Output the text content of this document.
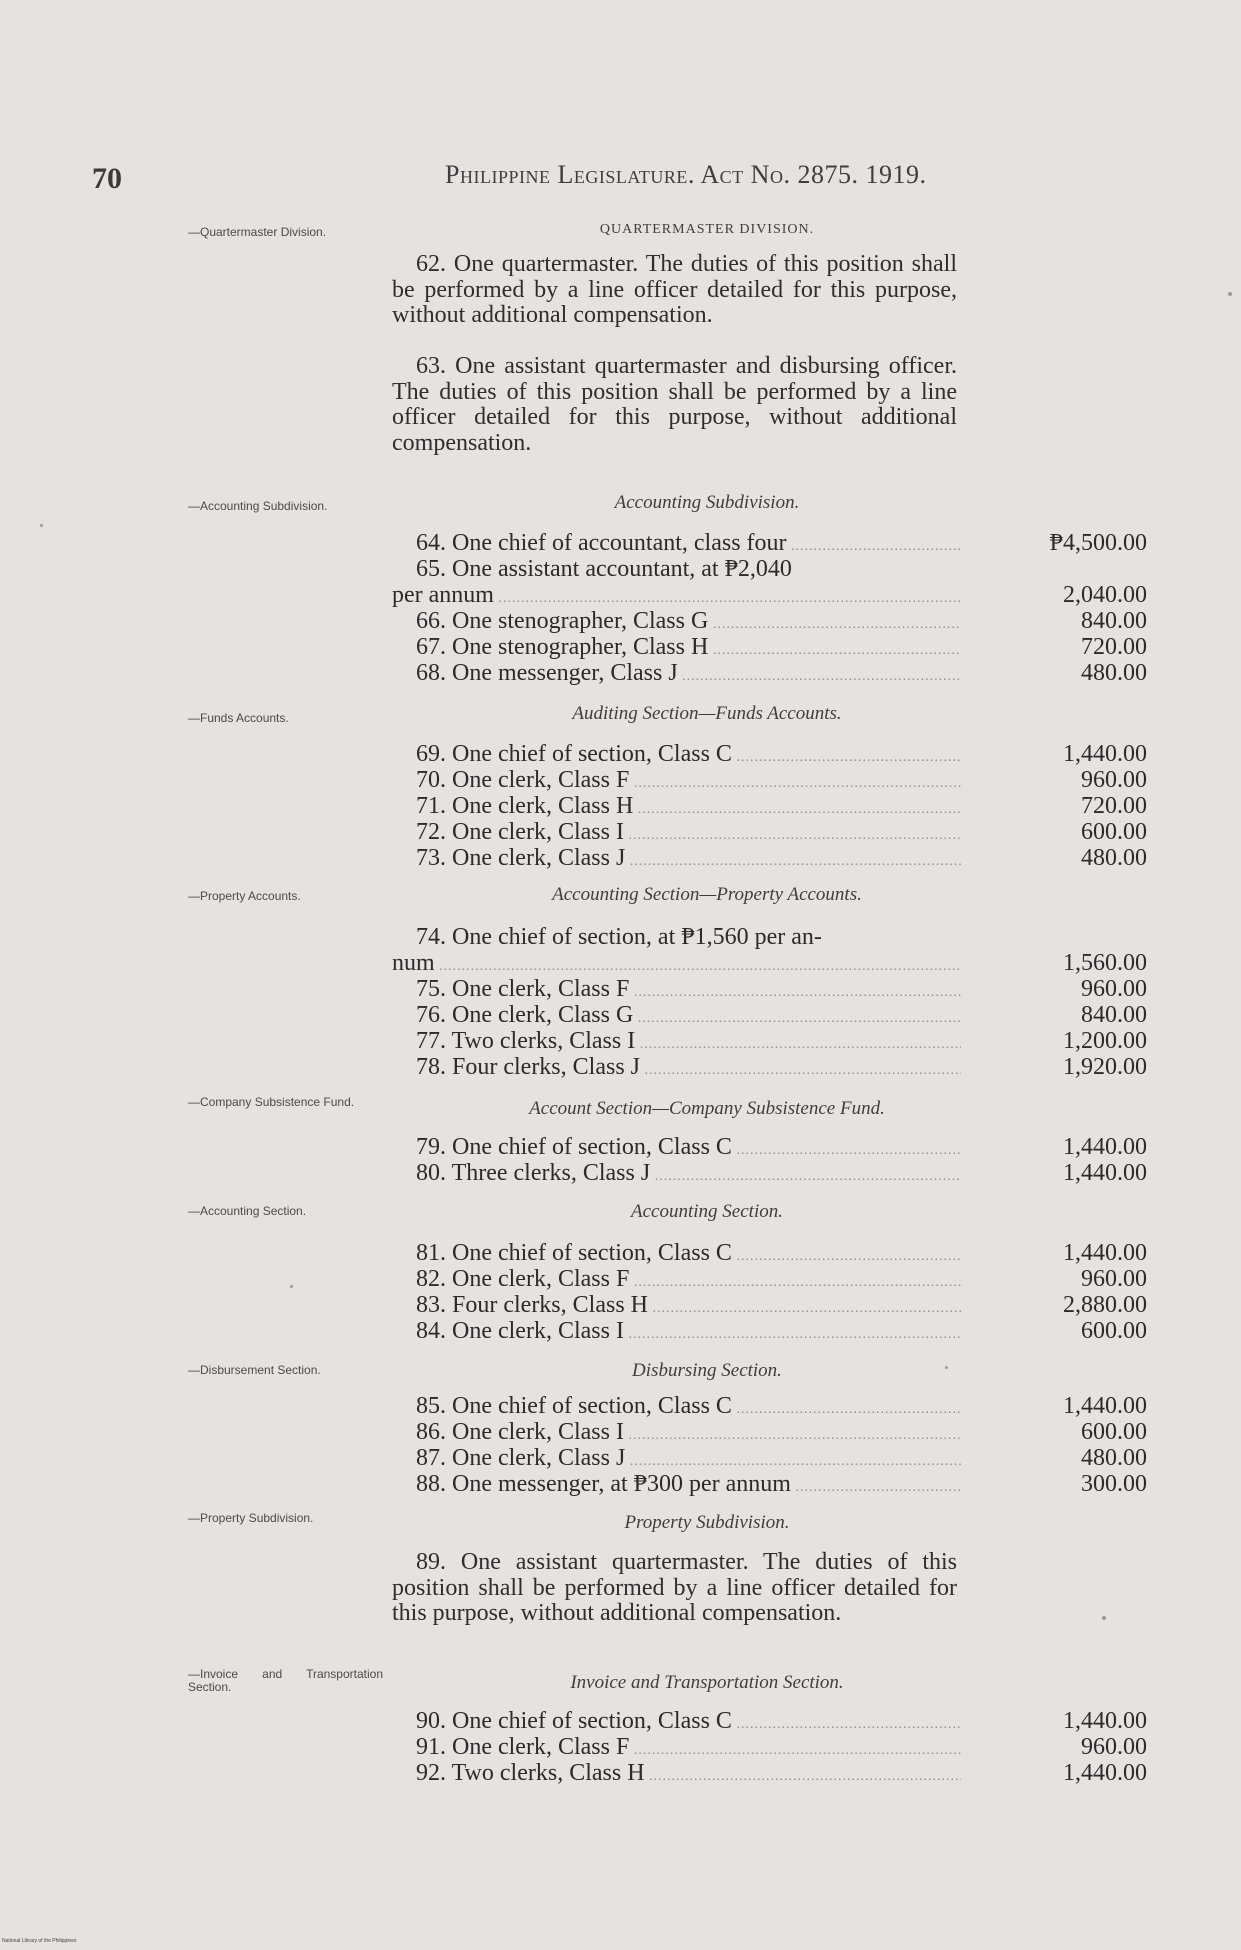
70	Philippine Legislature. Act No. 2875. 1919.
—Quartermaster Division.	QUARTERMASTER DIVISION.

62. One quartermaster. The duties of this position shall be performed by a line officer detailed for this purpose, without additional compensation.

63. One assistant quartermaster and disbursing officer. The duties of this position shall be performed by a line officer detailed for this purpose, without additional compensation.

—Accounting Subdivision.	Accounting Subdivision.
64. One chief of accountant, class four .....	₱4,500.00
65. One assistant accountant, at ₱2,040
per annum .....	2,040.00
66. One stenographer, Class G .....	840.00
67. One stenographer, Class H .....	720.00
68. One messenger, Class J .....	480.00
—Funds Accounts.	Auditing Section—Funds Accounts.
69. One chief of section, Class C .....	1,440.00
70. One clerk, Class F .....	960.00
71. One clerk, Class H .....	720.00
72. One clerk, Class I .....	600.00
73. One clerk, Class J .....	480.00
—Property Accounts.	Accounting Section—Property Accounts.
74. One chief of section, at ₱1,560 per an-
num .....	1,560.00
75. One clerk, Class F .....	960.00
76. One clerk, Class G .....	840.00
77. Two clerks, Class I .....	1,200.00
78. Four clerks, Class J .....	1,920.00
—Company Subsistence Fund.	Account Section—Company Subsistence Fund.
79. One chief of section, Class C .....	1,440.00
80. Three clerks, Class J .....	1,440.00
—Accounting Section.	Accounting Section.
81. One chief of section, Class C .....	1,440.00
82. One clerk, Class F .....	960.00
83. Four clerks, Class H .....	2,880.00
84. One clerk, Class I .....	600.00
—Disbursement Section.	Disbursing Section.
85. One chief of section, Class C .....	1,440.00
86. One clerk, Class I .....	600.00
87. One clerk, Class J .....	480.00
88. One messenger, at ₱300 per annum .....	300.00
—Property Subdivision.	Property Subdivision.

89. One assistant quartermaster. The duties of this position shall be performed by a line officer detailed for this purpose, without additional compensation.

—Invoice and Transportation Section.	Invoice and Transportation Section.
90. One chief of section, Class C .....	1,440.00
91. One clerk, Class F .....	960.00
92. Two clerks, Class H .....	1,440.00
National Library of the Philippines
